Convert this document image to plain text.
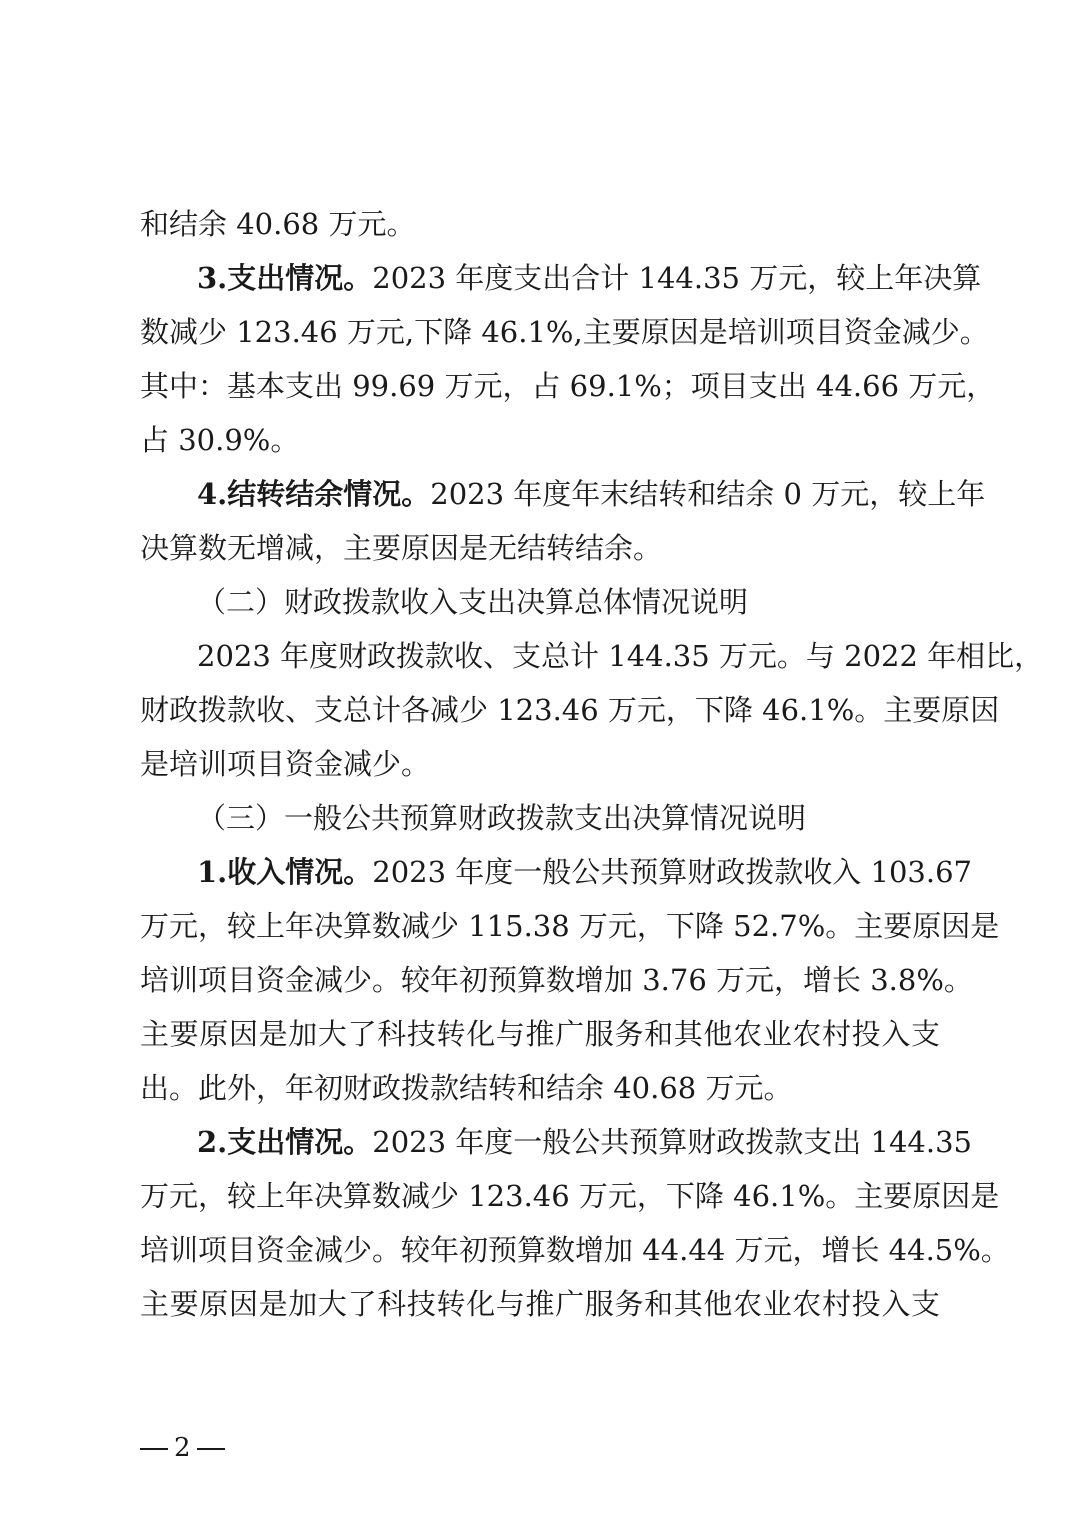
和结余 40.68 万元。
3.支出情况。2023 年度支出合计 144.35 万元，较上年决算
数减少 123.46 万元,下降 46.1%,主要原因是培训项目资金减少。
其中：基本支出 99.69 万元，占 69.1%；项目支出 44.66 万元，
占 30.9%。
4.结转结余情况。2023 年度年末结转和结余 0 万元，较上年
决算数无增减，主要原因是无结转结余。
（二）财政拨款收入支出决算总体情况说明
2023 年度财政拨款收、支总计 144.35 万元。与 2022 年相比，
财政拨款收、支总计各减少 123.46 万元，下降 46.1%。主要原因
是培训项目资金减少。
（三）一般公共预算财政拨款支出决算情况说明
1.收入情况。2023 年度一般公共预算财政拨款收入 103.67
万元，较上年决算数减少 115.38 万元，下降 52.7%。主要原因是
培训项目资金减少。较年初预算数增加 3.76 万元，增长 3.8%。
主要原因是加大了科技转化与推广服务和其他农业农村投入支
出。此外，年初财政拨款结转和结余 40.68 万元。
2.支出情况。2023 年度一般公共预算财政拨款支出 144.35
万元，较上年决算数减少 123.46 万元，下降 46.1%。主要原因是
培训项目资金减少。较年初预算数增加 44.44 万元，增长 44.5%。
主要原因是加大了科技转化与推广服务和其他农业农村投入支
2
